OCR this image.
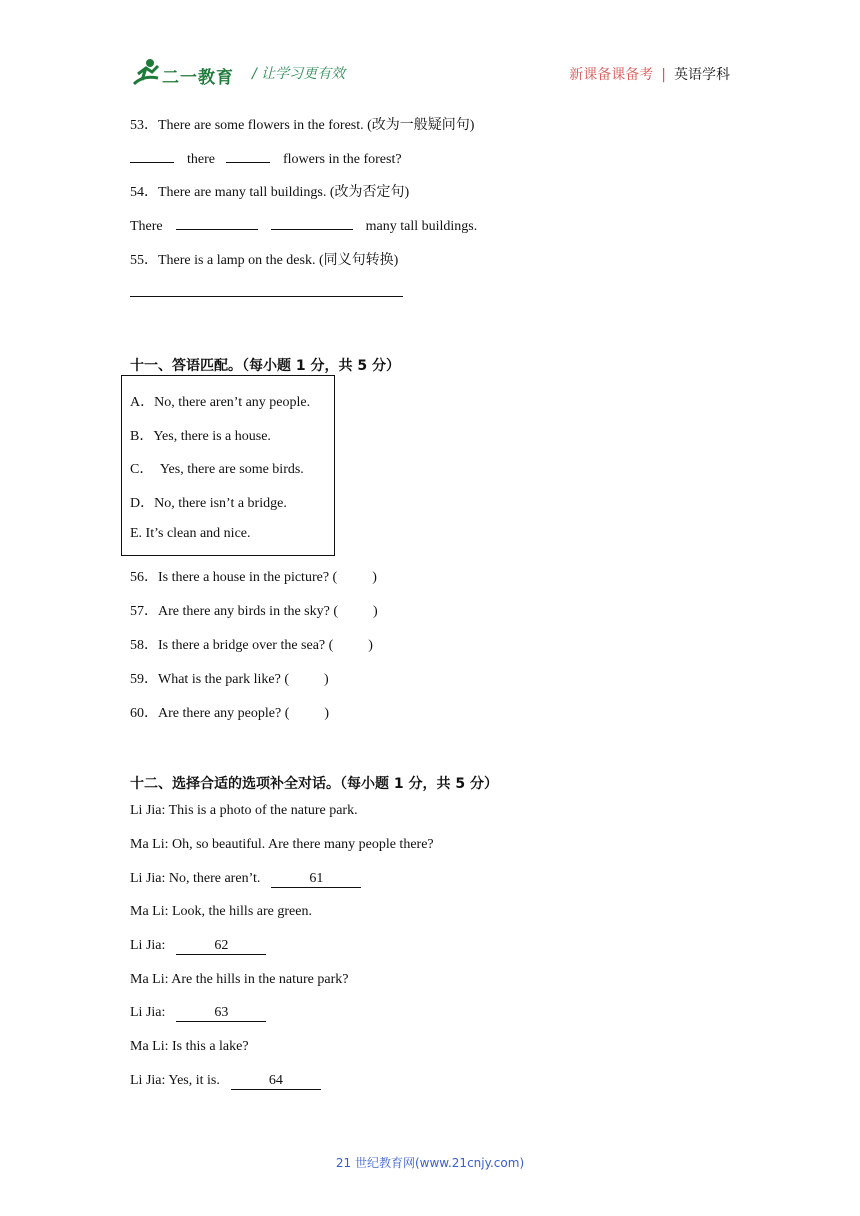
二一教育 / 让学习更有效	新课备课备考 | 英语学科
53．There are some flowers in the forest. (改为一般疑问句)
there	flowers in the forest?
54．There are many tall buildings. (改为否定句)
There	many tall buildings.
55．There is a lamp on the desk. (同义句转换)
十一、答语匹配。（每小题 1 分，共 5 分）
A．No, there aren’t any people.
B．Yes, there is a house.
C．  Yes, there are some birds.
D．No, there isn’t a bridge.
E. It’s clean and nice.
56．Is there a house in the picture? (          )
57．Are there any birds in the sky? (          )
58．Is there a bridge over the sea? (          )
59．What is the park like? (          )
60．Are there any people? (          )
十二、选择合适的选项补全对话。（每小题 1 分，共 5 分）
Li Jia: This is a photo of the nature park.
Ma Li: Oh, so beautiful. Are there many people there?
Li Jia: No, there aren’t.	61
Ma Li: Look, the hills are green.
Li Jia:	62
Ma Li: Are the hills in the nature park?
Li Jia:	63
Ma Li: Is this a lake?
Li Jia: Yes, it is.	64
21 世纪教育网(www.21cnjy.com)
